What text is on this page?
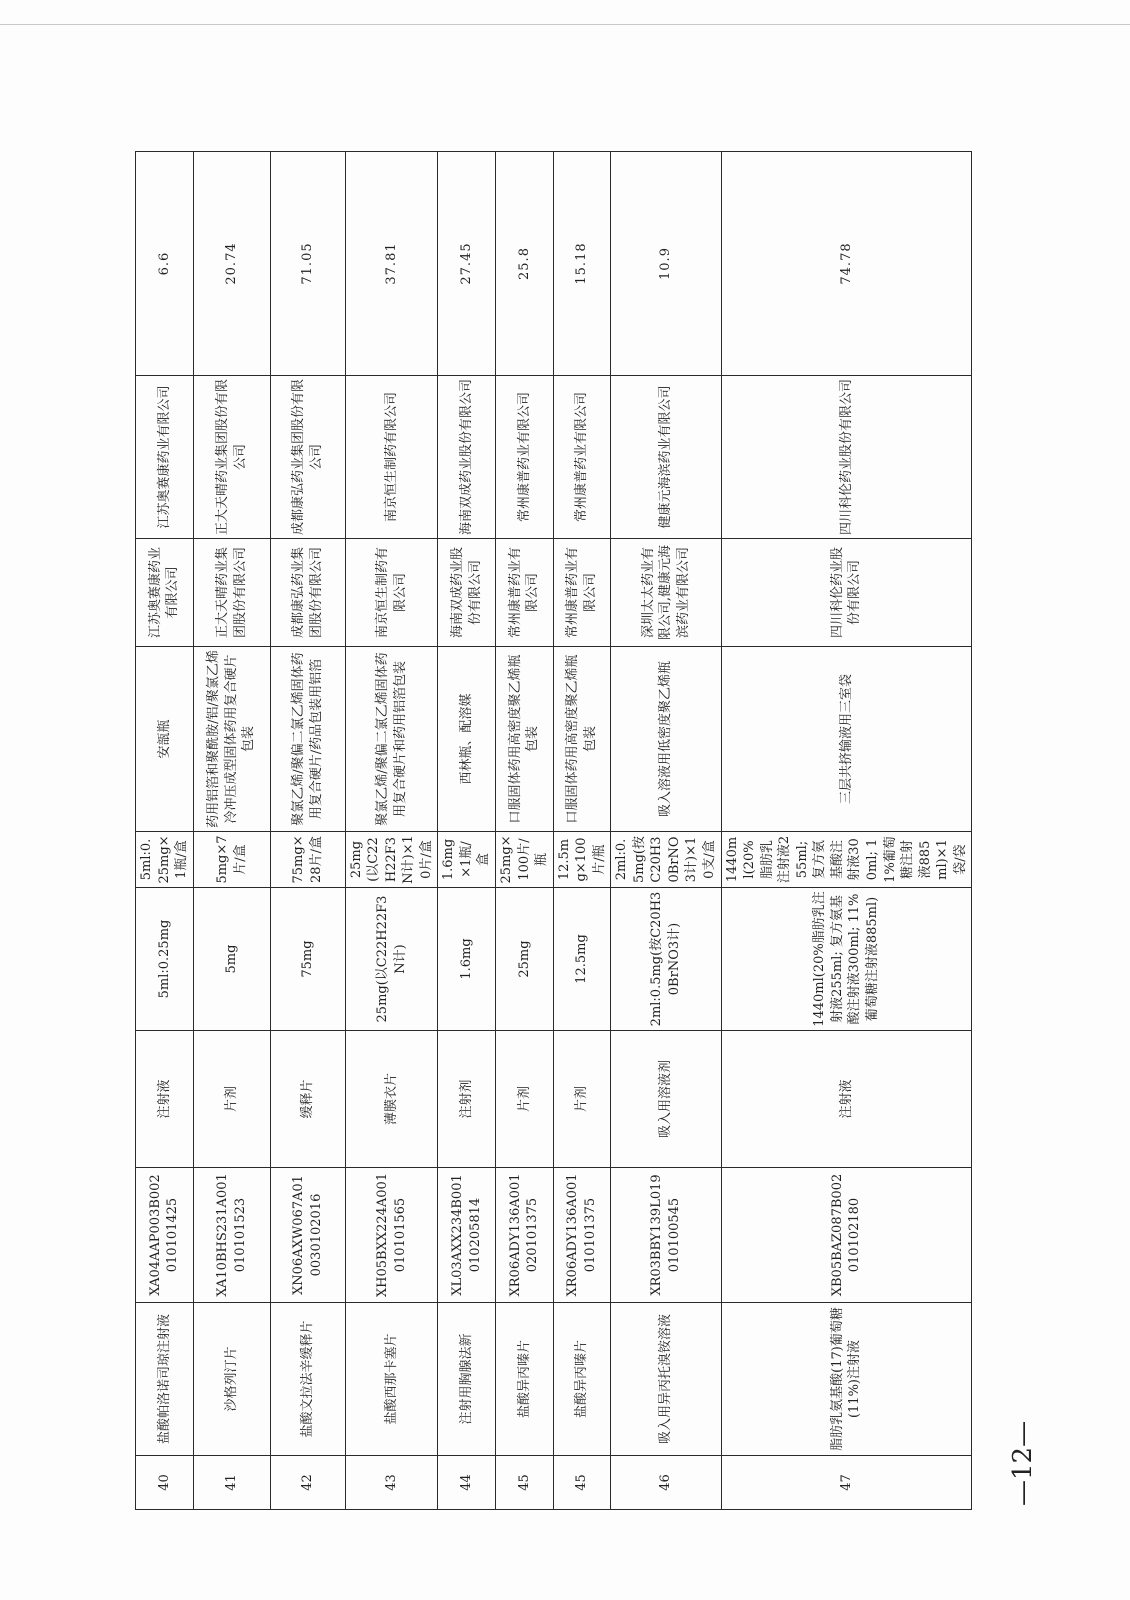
40	盐酸帕洛诺司琼注射液	XA04AAP003B002010101425	注射液	5ml:0.25mg	5ml:0.25mg×1瓶/盒	安瓿瓶	江苏奥赛康药业有限公司	江苏奥赛康药业有限公司	6.6
41	沙格列汀片	XA10BHS231A001010101523	片剂	5mg	5mg×7片/盒	药用铝箔和聚酰胺/铝/聚氯乙烯冷冲压成型固体药用复合硬片包装	正大天晴药业集团股份有限公司	正大天晴药业集团股份有限公司	20.74
42	盐酸文拉法辛缓释片	XN06AXW067A010030102016	缓释片	75mg	75mg×28片/盒	聚氯乙烯/聚偏二氯乙烯固体药用复合硬片/药品包装用铝箔	成都康弘药业集团股份有限公司	成都康弘药业集团股份有限公司	71.05
43	盐酸西那卡塞片	XH05BXX224A001010101565	薄膜衣片	25mg(以C22H22F3N计)	25mg(以C22H22F3N计)×10片/盒	聚氯乙烯/聚偏二氯乙烯固体药用复合硬片和药用铝箔包装	南京恒生制药有限公司	南京恒生制药有限公司	37.81
44	注射用胸腺法新	XL03AXX234B001010205814	注射剂	1.6mg	1.6mg×1瓶/盒	西林瓶、配溶媒	海南双成药业股份有限公司	海南双成药业股份有限公司	27.45
45	盐酸异丙嗪片	XR06ADY136A001020101375	片剂	25mg	25mg×100片/瓶	口服固体药用高密度聚乙烯瓶包装	常州康普药业有限公司	常州康普药业有限公司	25.8
45	盐酸异丙嗪片	XR06ADY136A001010101375	片剂	12.5mg	12.5mg×100片/瓶	口服固体药用高密度聚乙烯瓶包装	常州康普药业有限公司	常州康普药业有限公司	15.18
46	吸入用异丙托溴铵溶液	XR03BBY139L019010100545	吸入用溶液剂	2ml:0.5mg(按C20H30BrNO3计)	2ml:0.5mg(按C20H30BrNO3计)×10支/盒	吸入溶液用低密度聚乙烯瓶	深圳太太药业有限公司,健康元海滨药业有限公司	健康元海滨药业有限公司	10.9
47	脂肪乳氨基酸(17)葡萄糖(11%)注射液	XB05BAZ087B002010102180	注射液	1440ml(20%脂肪乳注射液255ml; 复方氨基酸注射液300ml; 11%葡萄糖注射液885ml)	1440ml(20%脂肪乳注射液255ml; 复方氨基酸注射液300ml; 11%葡萄糖注射液885ml)×1袋/袋	三层共挤输液用三室袋	四川科伦药业股份有限公司	四川科伦药业股份有限公司	74.78
—12—
